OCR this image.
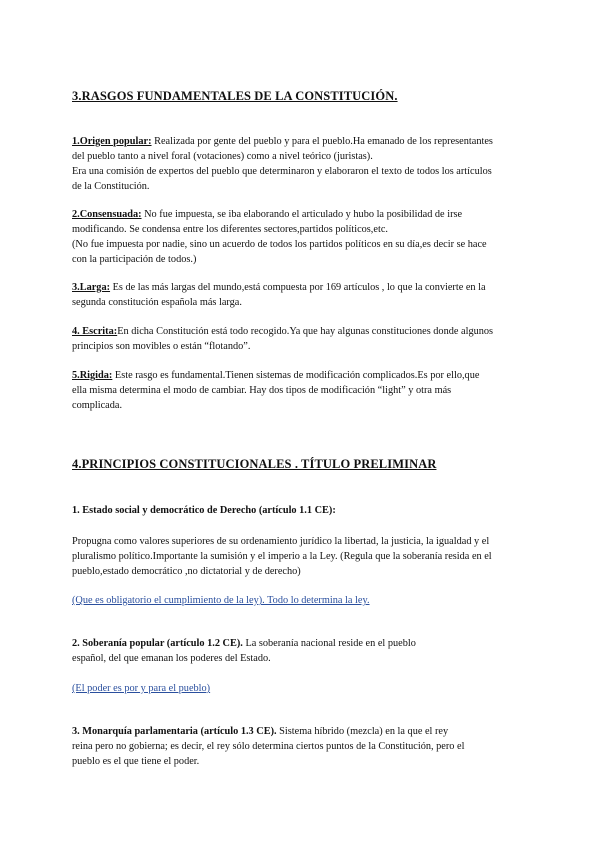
3.RASGOS FUNDAMENTALES DE LA CONSTITUCIÓN.
1.Origen popular: Realizada por gente del pueblo y para el pueblo.Ha emanado de los representantes
del pueblo tanto a nivel foral (votaciones) como a nivel teórico (juristas).
Era una comisión de expertos del pueblo que determinaron y elaboraron el texto de todos los artículos
de la Constitución.
2.Consensuada: No fue impuesta, se iba elaborando el articulado y hubo la posibilidad de irse
modificando. Se condensa entre los diferentes sectores,partidos políticos,etc.
(No fue impuesta por nadie, sino un acuerdo de todos los partidos políticos en su día,es decir se hace
con la participación de todos.)
3.Larga: Es de las más largas del mundo,está compuesta por 169 artículos , lo que la convierte en la
segunda constitución española más larga.
4. Escrita:En dicha Constitución está todo recogido.Ya que hay algunas constituciones donde algunos
principios son movibles o están “flotando”.
5.Rigida: Este rasgo es fundamental.Tienen sistemas de modificación complicados.Es por ello,que
ella misma determina el modo de cambiar. Hay dos tipos de modificación “light” y otra más
complicada.
4.PRINCIPIOS CONSTITUCIONALES . TÍTULO PRELIMINAR
1. Estado social y democrático de Derecho (artículo 1.1 CE):
Propugna como valores superiores de su ordenamiento jurídico la libertad, la justicia, la igualdad y el
pluralismo político.Importante la sumisión y el imperio a la Ley. (Regula que la soberanía resida en el
pueblo,estado democrático ,no dictatorial y de derecho)
(Que es obligatorio el cumplimiento de la ley). Todo lo determina la ley.
2. Soberanía popular (artículo 1.2 CE). La soberanía nacional reside en el pueblo
español, del que emanan los poderes del Estado.
(El poder es por y para el pueblo)
3. Monarquía parlamentaria (artículo 1.3 CE). Sistema híbrido (mezcla) en la que el rey
reina pero no gobierna; es decir, el rey sólo determina ciertos puntos de la Constitución, pero el
pueblo es el que tiene el poder.
